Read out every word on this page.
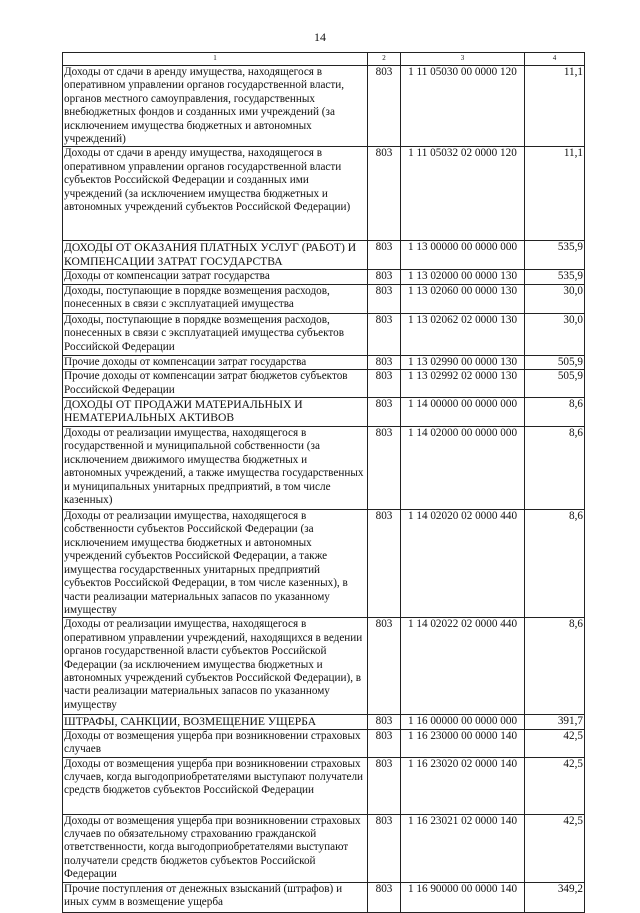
14
1	2	3	4
Доходы от сдачи в аренду имущества, находящегося в оперативном управлении органов государственной власти, органов местного самоуправления, государственных внебюджетных фондов и созданных ими учреждений (за исключением имущества бюджетных и автономных учреждений)	803	1 11 05030 00 0000 120	11,1
Доходы от сдачи в аренду имущества, находящегося в оперативном управлении органов государственной власти субъектов Российской Федерации и созданных ими учреждений (за исключением имущества бюджетных и автономных учреждений субъектов Российской Федерации)	803	1 11 05032 02 0000 120	11,1
ДОХОДЫ ОТ ОКАЗАНИЯ ПЛАТНЫХ УСЛУГ (РАБОТ) И КОМПЕНСАЦИИ ЗАТРАТ ГОСУДАРСТВА	803	1 13 00000 00 0000 000	535,9
Доходы от компенсации затрат государства	803	1 13 02000 00 0000 130	535,9
Доходы, поступающие в порядке возмещения расходов, понесенных в связи с эксплуатацией имущества	803	1 13 02060 00 0000 130	30,0
Доходы, поступающие в порядке возмещения расходов, понесенных в связи с эксплуатацией имущества субъектов Российской Федерации	803	1 13 02062 02 0000 130	30,0
Прочие доходы от компенсации затрат государства	803	1 13 02990 00 0000 130	505,9
Прочие доходы от компенсации затрат бюджетов субъектов Российской Федерации	803	1 13 02992 02 0000 130	505,9
ДОХОДЫ ОТ ПРОДАЖИ МАТЕРИАЛЬНЫХ И НЕМАТЕРИАЛЬНЫХ АКТИВОВ	803	1 14 00000 00 0000 000	8,6
Доходы от реализации имущества, находящегося в государственной и муниципальной собственности (за исключением движимого имущества бюджетных и автономных учреждений, а также имущества государственных и муниципальных унитарных предприятий, в том числе казенных)	803	1 14 02000 00 0000 000	8,6
Доходы от реализации имущества, находящегося в собственности субъектов Российской Федерации (за исключением имущества бюджетных и автономных учреждений субъектов Российской Федерации, а также имущества государственных унитарных предприятий субъектов Российской Федерации, в том числе казенных), в части реализации материальных запасов по указанному имуществу	803	1 14 02020 02 0000 440	8,6
Доходы от реализации имущества, находящегося в оперативном управлении учреждений, находящихся в ведении органов государственной власти субъектов Российской Федерации (за исключением имущества бюджетных и автономных учреждений субъектов Российской Федерации), в части реализации материальных запасов по указанному имуществу	803	1 14 02022 02 0000 440	8,6
ШТРАФЫ, САНКЦИИ, ВОЗМЕЩЕНИЕ УЩЕРБА	803	1 16 00000 00 0000 000	391,7
Доходы от возмещения ущерба при возникновении страховых случаев	803	1 16 23000 00 0000 140	42,5
Доходы от возмещения ущерба при возникновении страховых случаев, когда выгодоприобретателями выступают получатели средств бюджетов субъектов Российской Федерации	803	1 16 23020 02 0000 140	42,5
Доходы от возмещения ущерба при возникновении страховых случаев по обязательному страхованию гражданской ответственности, когда выгодоприобретателями выступают получатели средств бюджетов субъектов Российской Федерации	803	1 16 23021 02 0000 140	42,5
Прочие поступления от денежных взысканий (штрафов) и иных сумм в возмещение ущерба	803	1 16 90000 00 0000 140	349,2
